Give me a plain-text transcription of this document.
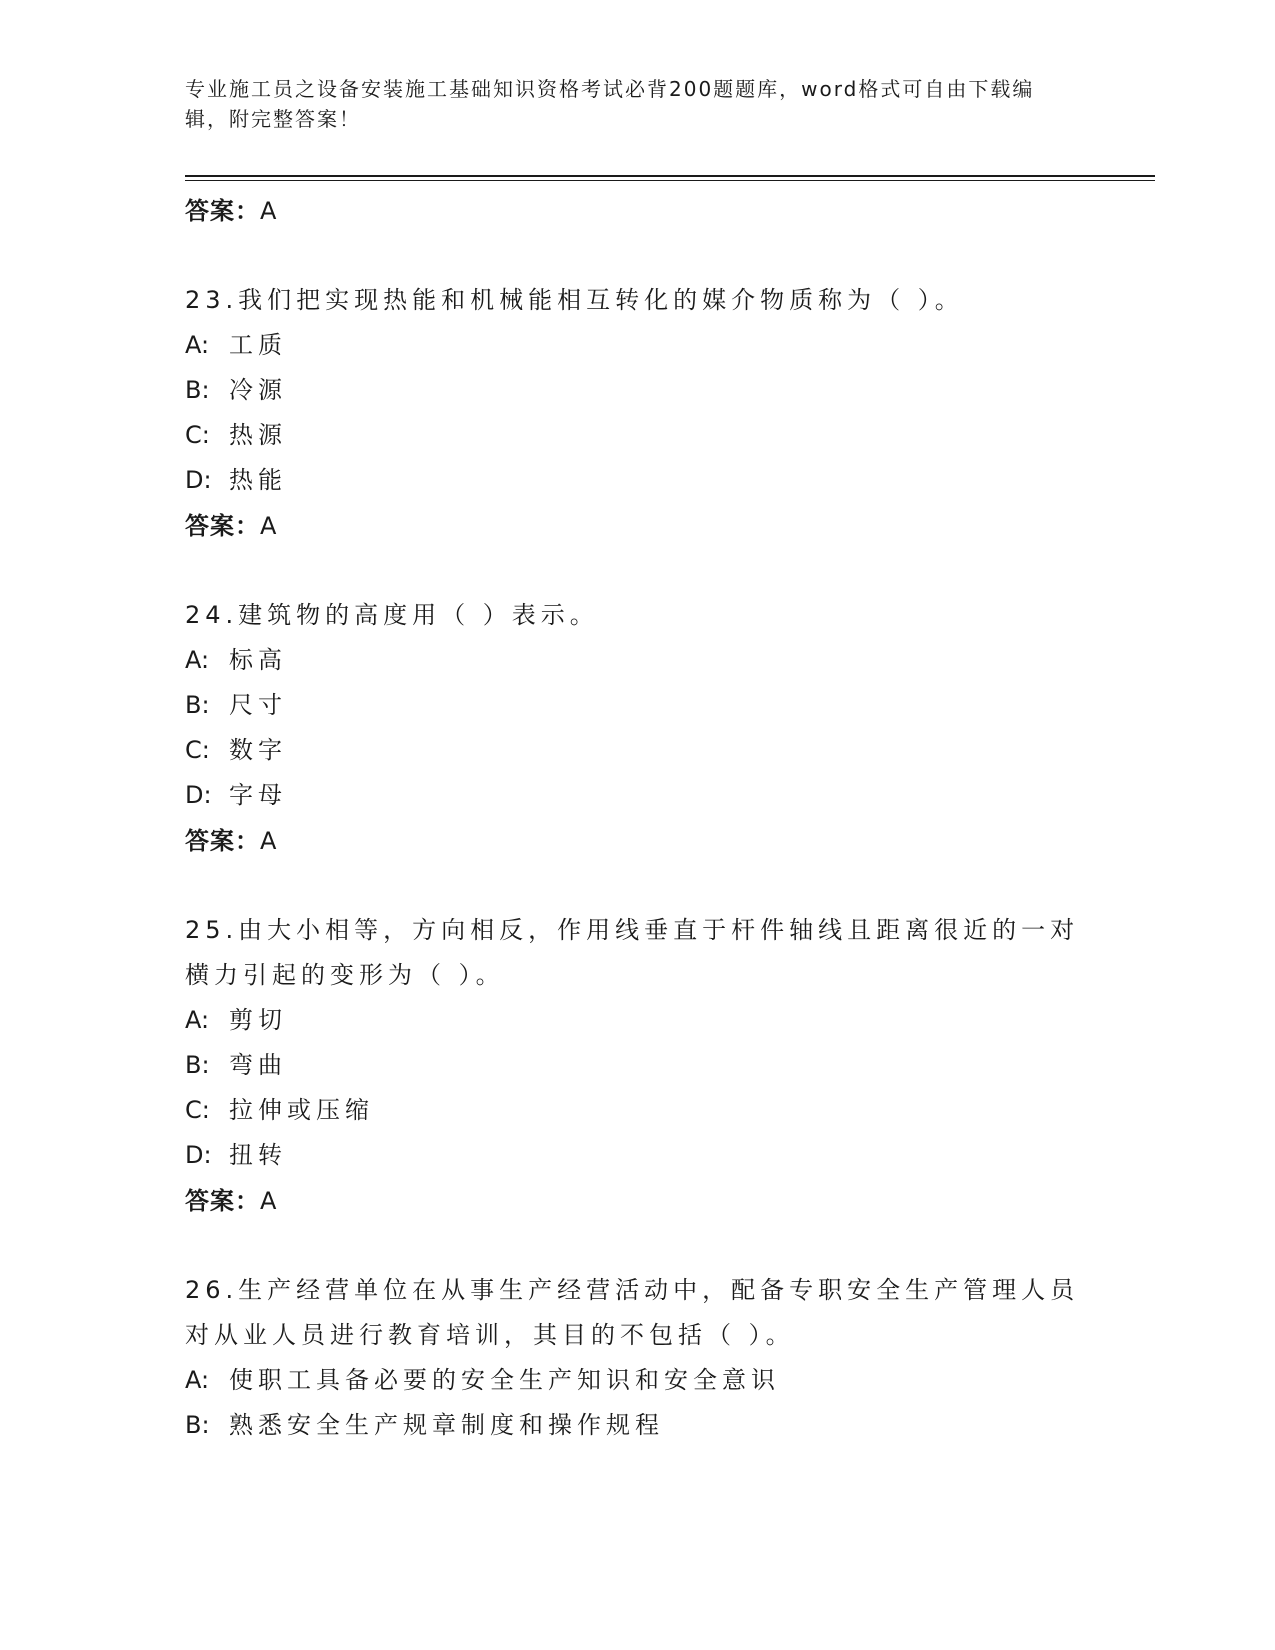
专业施工员之设备安装施工基础知识资格考试必背200题题库，word格式可自由下载编辑，附完整答案！
答案：A
23.我们把实现热能和机械能相互转化的媒介物质称为（ ）。
A: 工质
B: 冷源
C: 热源
D: 热能
答案：A
24.建筑物的高度用（ ）表示。
A: 标高
B: 尺寸
C: 数字
D: 字母
答案：A
25.由大小相等，方向相反，作用线垂直于杆件轴线且距离很近的一对横力引起的变形为（ ）。
A: 剪切
B: 弯曲
C: 拉伸或压缩
D: 扭转
答案：A
26.生产经营单位在从事生产经营活动中，配备专职安全生产管理人员对从业人员进行教育培训，其目的不包括（ ）。
A: 使职工具备必要的安全生产知识和安全意识
B: 熟悉安全生产规章制度和操作规程
